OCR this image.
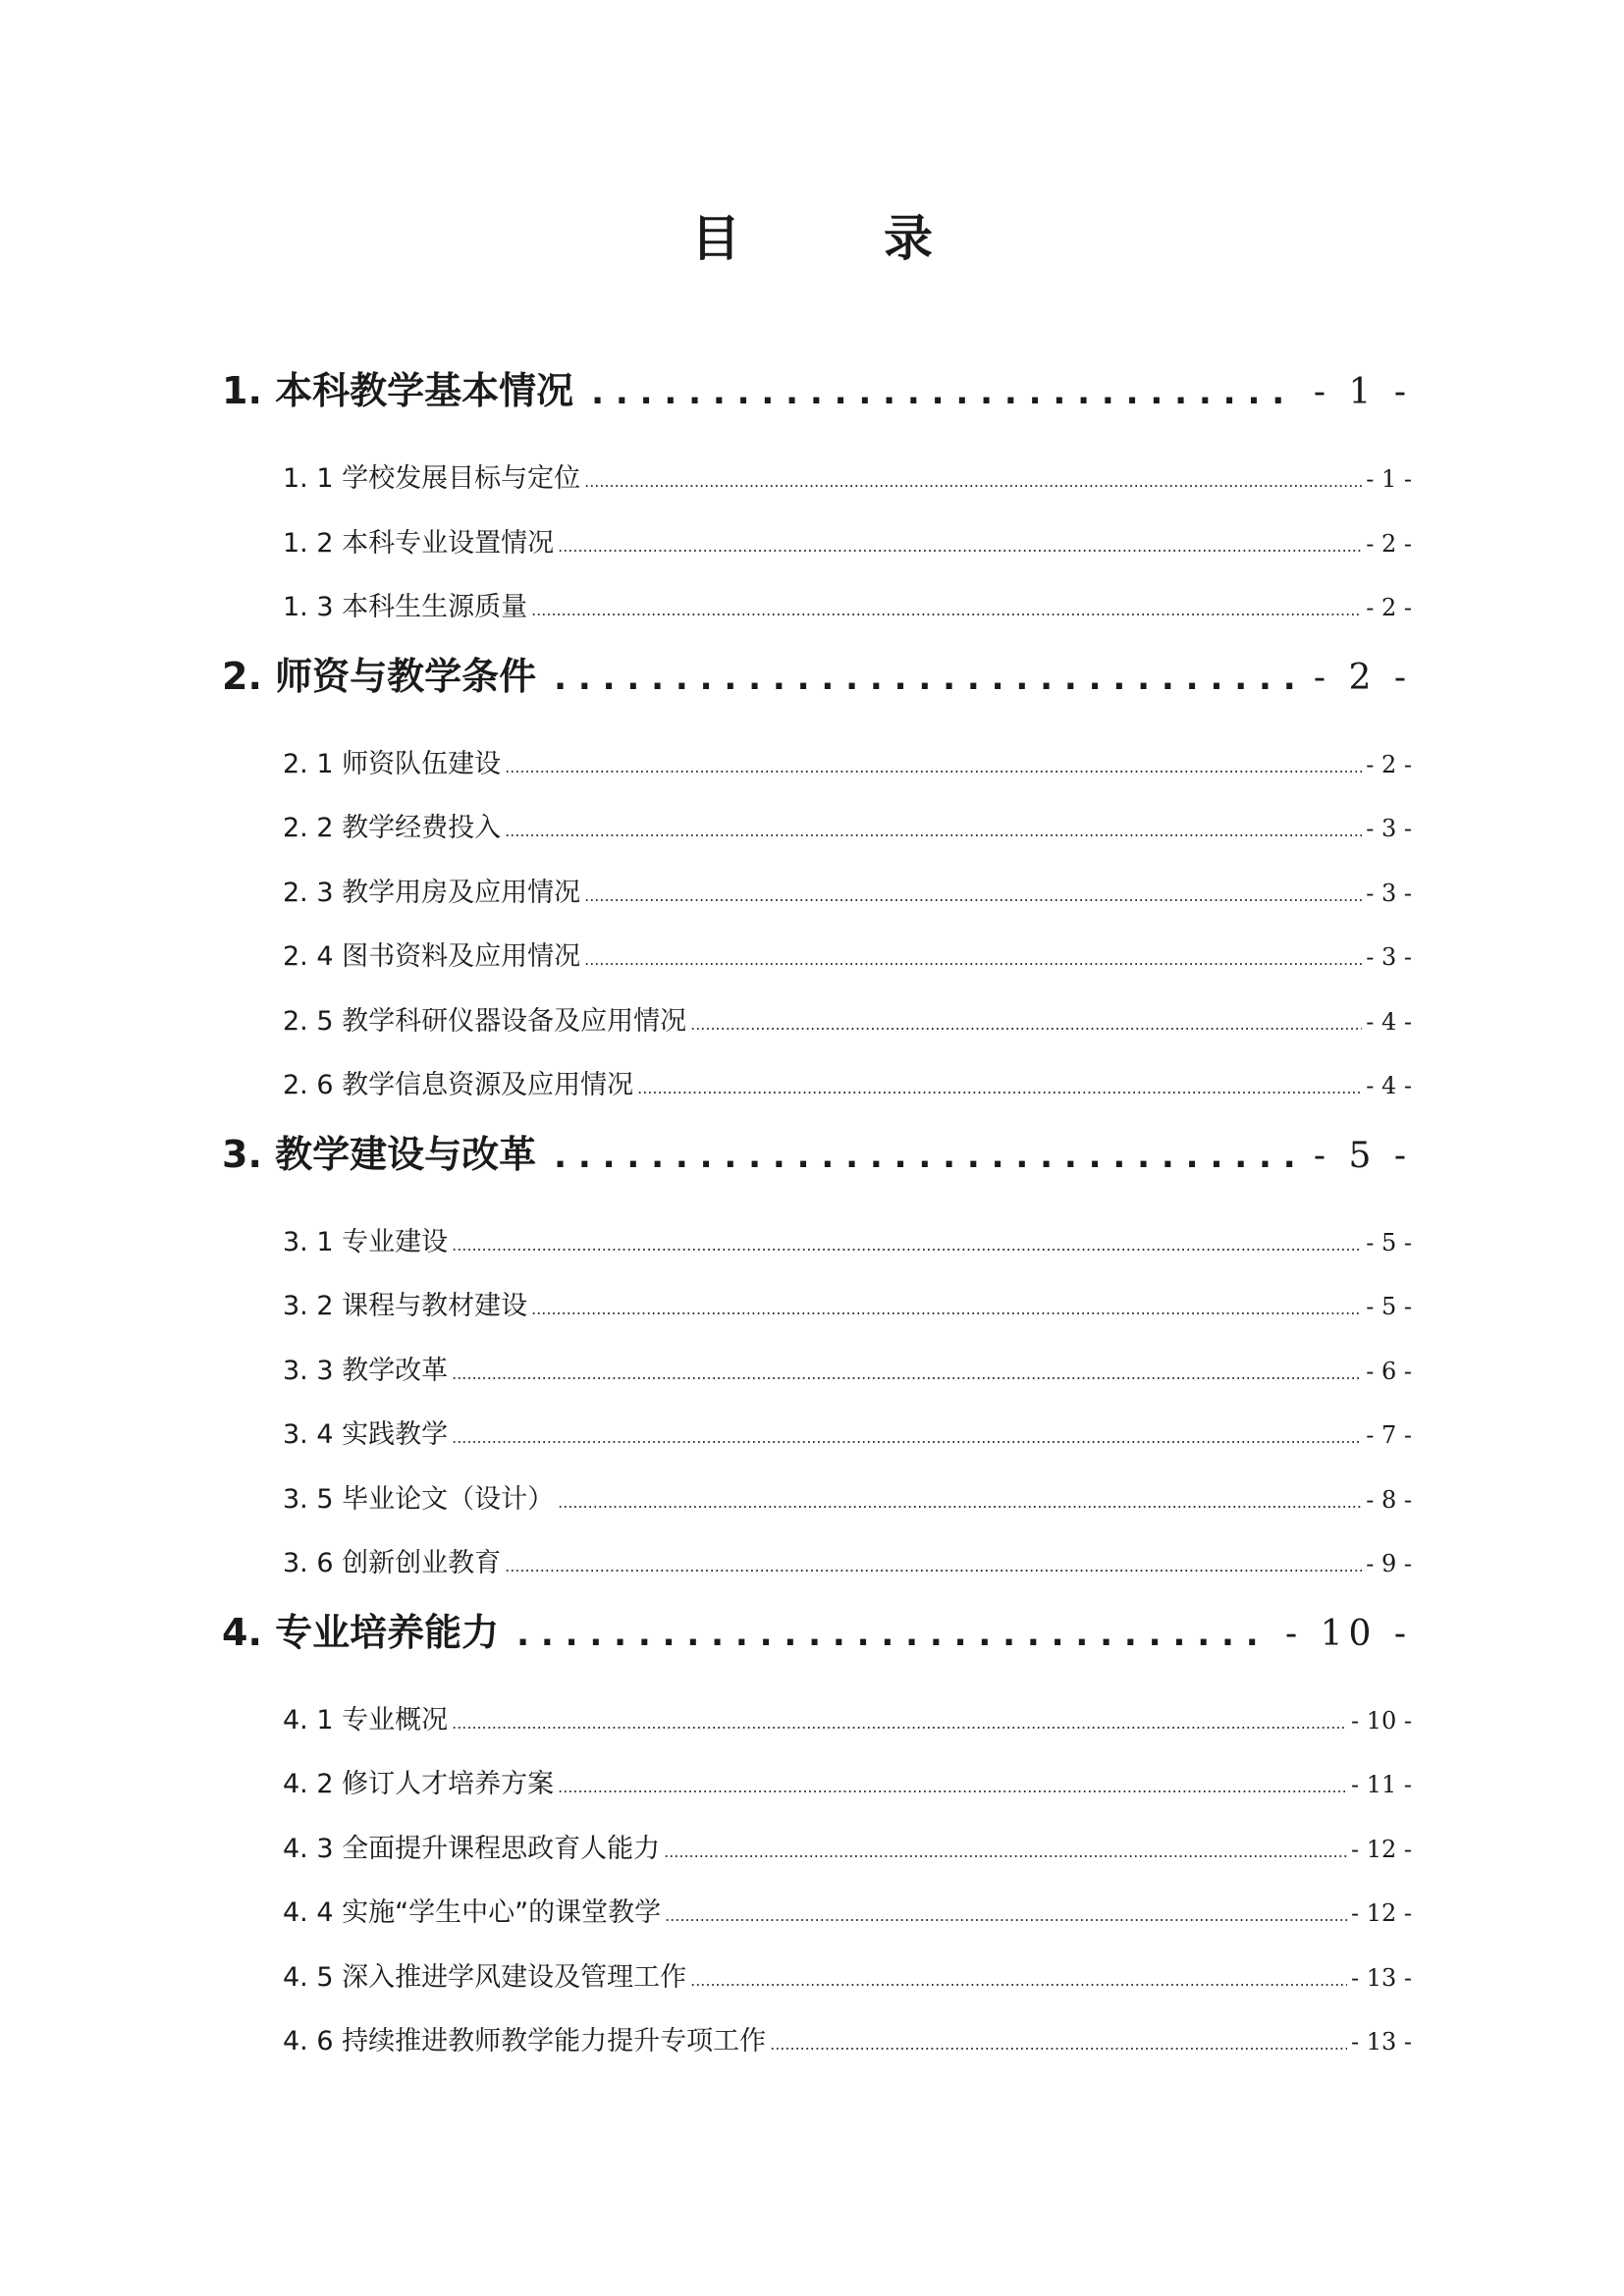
目　录
1. 本科教学基本情况 . . .	- 1 -
1. 1 学校发展目标与定位 .....	- 1 -
1. 2 本科专业设置情况 .....	- 2 -
1. 3 本科生生源质量 .....	- 2 -
2. 师资与教学条件 . . .	- 2 -
2. 1 师资队伍建设 .....	- 2 -
2. 2 教学经费投入 .....	- 3 -
2. 3 教学用房及应用情况 .....	- 3 -
2. 4 图书资料及应用情况 .....	- 3 -
2. 5 教学科研仪器设备及应用情况 .....	- 4 -
2. 6 教学信息资源及应用情况 .....	- 4 -
3. 教学建设与改革 . . .	- 5 -
3. 1 专业建设 .....	- 5 -
3. 2 课程与教材建设 .....	- 5 -
3. 3 教学改革 .....	- 6 -
3. 4 实践教学 .....	- 7 -
3. 5 毕业论文（设计） .....	- 8 -
3. 6 创新创业教育 .....	- 9 -
4. 专业培养能力 . . .	- 10 -
4. 1 专业概况 .....	- 10 -
4. 2 修订人才培养方案 .....	- 11 -
4. 3 全面提升课程思政育人能力 .....	- 12 -
4. 4 实施“学生中心”的课堂教学 .....	- 12 -
4. 5 深入推进学风建设及管理工作 .....	- 13 -
4. 6 持续推进教师教学能力提升专项工作 .....	- 13 -
